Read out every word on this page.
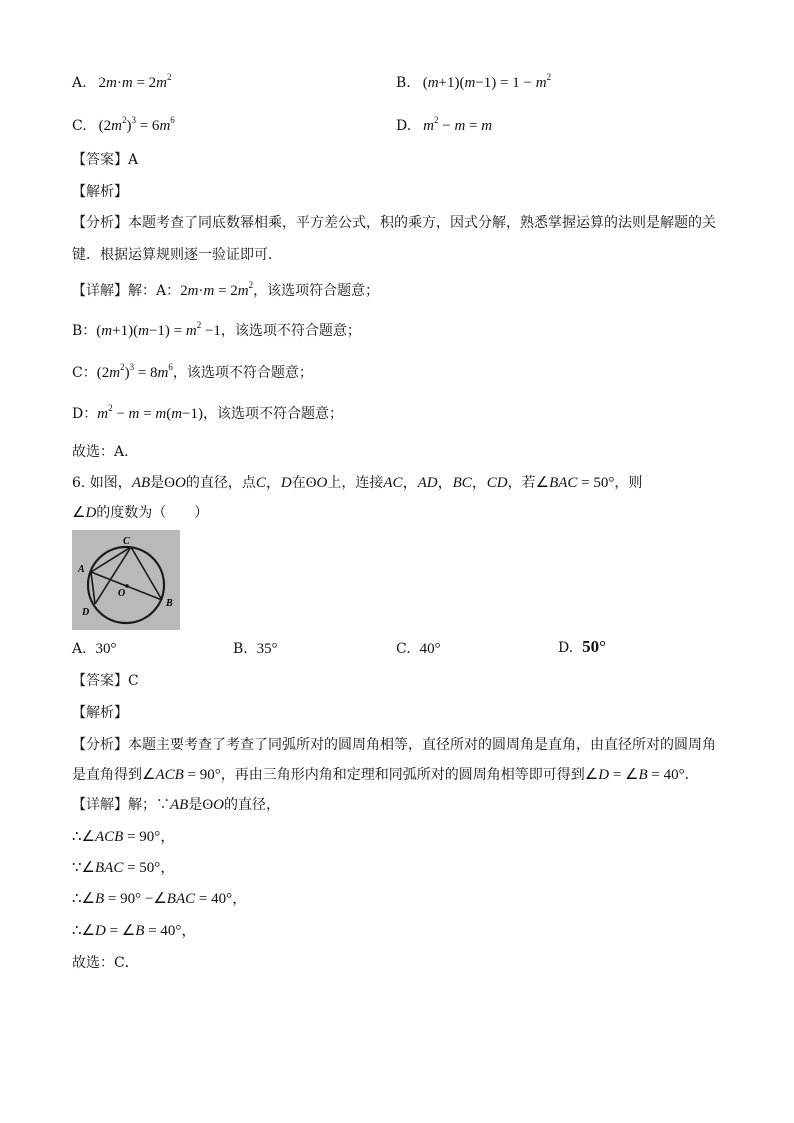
A. $2m\cdot m = 2m^2$	B. $(m+1)(m-1) = 1 - m^2$
C. $(2m^2)^3 = 6m^6$	D.   $m^2 - m = m$
【答案】A
【解析】
【分析】本题考查了同底数幂相乘，平方差公式，积的乘方，因式分解，熟悉掌握运算的法则是解题的关
键．根据运算规则逐一验证即可．
【详解】解：A：$2m\cdot m = 2m^2$，该选项符合题意；
B：$(m+1)(m-1) = m^2 -1$，该选项不符合题意；
C：$(2m^2)^3 = 8m^6$，该选项不符合题意；
D：$m^2 - m = m(m-1)$，该选项不符合题意；
故选：A．
6. 如图，AB是ʘO的直径，点C，D在ʘO上，连接AC，AD，BC，CD，若∠BAC = 50°，则
∠D的度数为（　　）
C
A
O
D
B
A. 30°	B. 35°	C. 40°	D. 50°
【答案】C
【解析】
【分析】本题主要考查了考查了同弧所对的圆周角相等，直径所对的圆周角是直角，由直径所对的圆周角
是直角得到∠ACB = 90°，再由三角形内角和定理和同弧所对的圆周角相等即可得到∠D = ∠B = 40°．
【详解】解；∵AB是ʘO的直径，
∴∠ACB = 90°，
∵∠BAC = 50°，
∴∠B = 90° −∠BAC = 40°，
∴∠D = ∠B = 40°，
故选：C．
